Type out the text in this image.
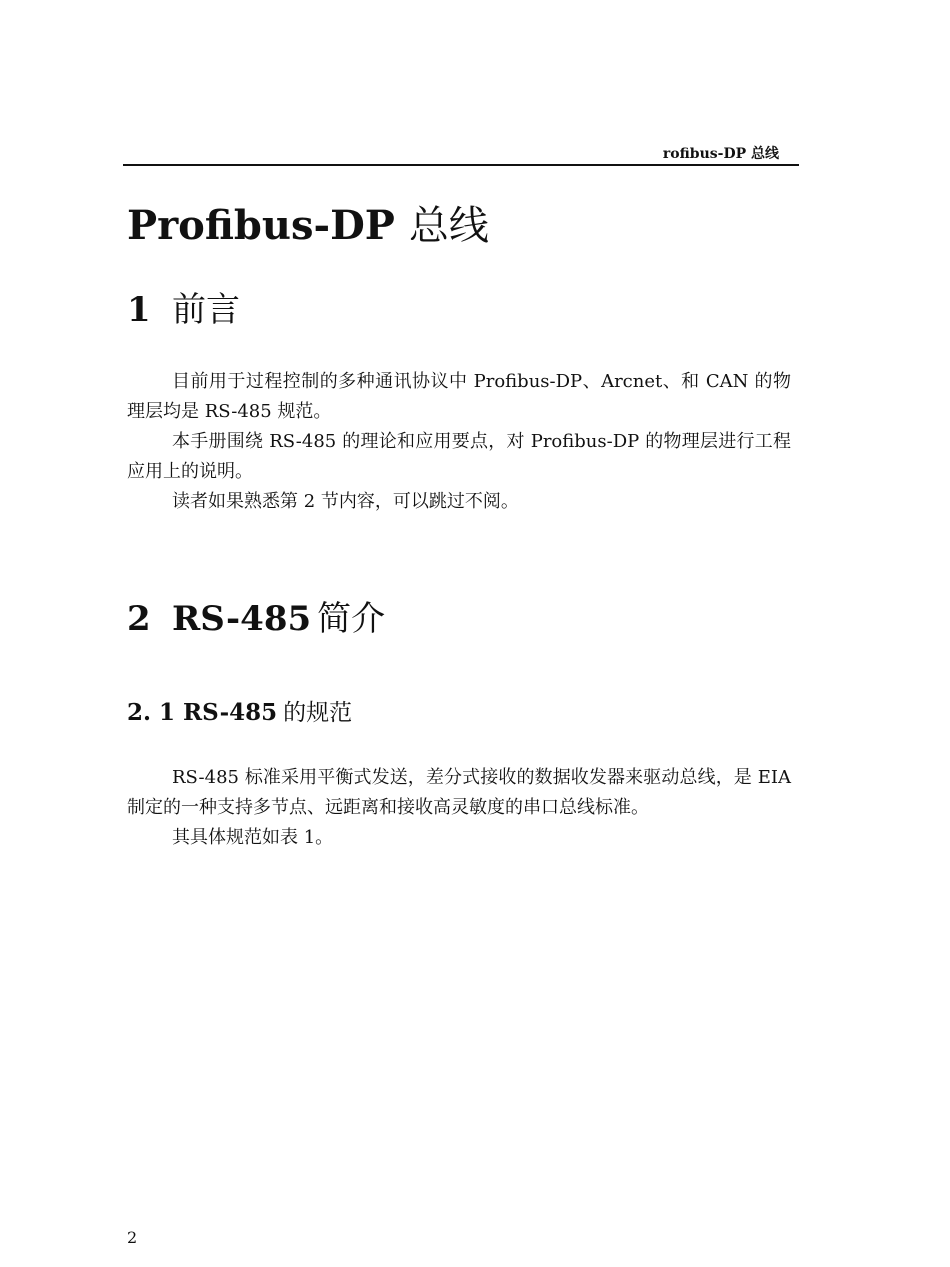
rofibus-DP 总线
Profibus-DP 总线
1 前言

目前用于过程控制的多种通讯协议中 Profibus-DP、Arcnet、和 CAN 的物理层均是 RS-485 规范。

本手册围绕 RS-485 的理论和应用要点，对 Profibus-DP 的物理层进行工程应用上的说明。

读者如果熟悉第 2 节内容，可以跳过不阅。

2 RS-485 简介
2. 1 RS-485 的规范

RS-485 标准采用平衡式发送，差分式接收的数据收发器来驱动总线，是 EIA 制定的一种支持多节点、远距离和接收高灵敏度的串口总线标准。

其具体规范如表 1。

2
